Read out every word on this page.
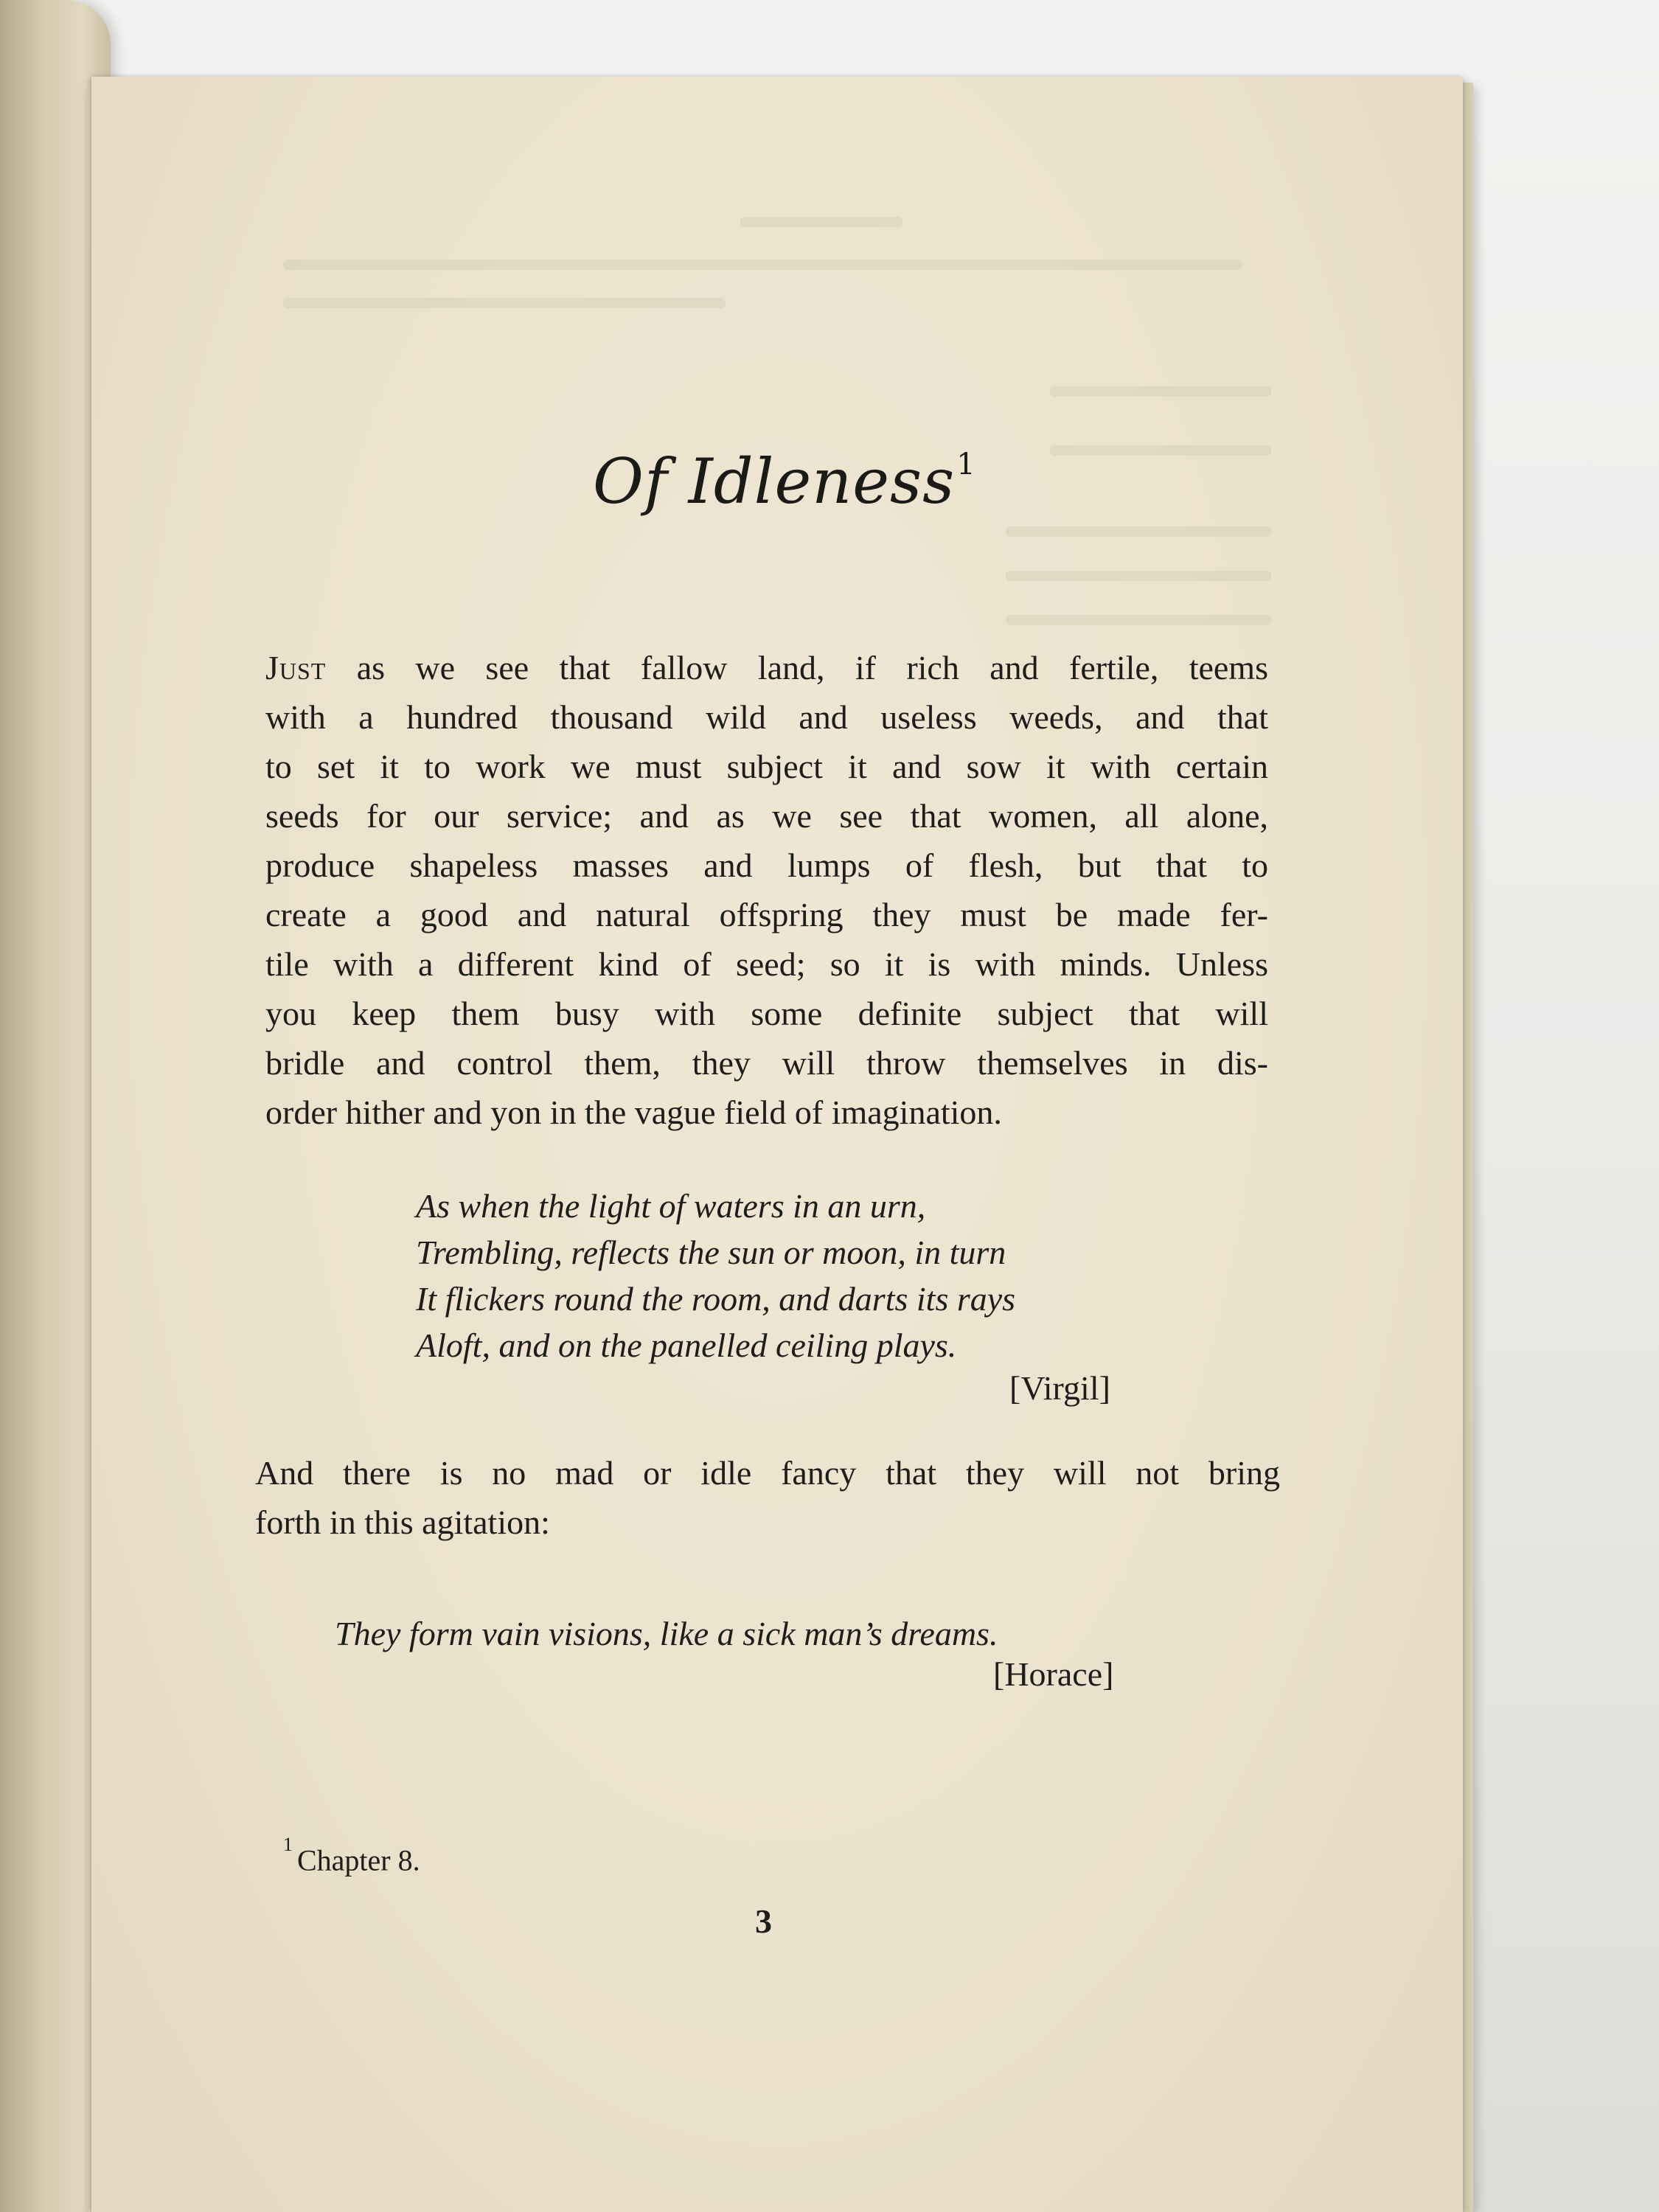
Of Idleness$^1$
Just as we see that fallow land, if rich and fertile, teems
with a hundred thousand wild and useless weeds, and that
to set it to work we must subject it and sow it with certain
seeds for our service; and as we see that women, all alone,
produce shapeless masses and lumps of flesh, but that to
create a good and natural offspring they must be made fer-
tile with a different kind of seed; so it is with minds. Unless
you keep them busy with some definite subject that will
bridle and control them, they will throw themselves in dis-
order hither and yon in the vague field of imagination.
As when the light of waters in an urn,
Trembling, reflects the sun or moon, in turn
It flickers round the room, and darts its rays
Aloft, and on the panelled ceiling plays.
[Virgil]
And there is no mad or idle fancy that they will not bring
forth in this agitation:
They form vain visions, like a sick man’s dreams.
[Horace]
$^1$ Chapter 8.
3
